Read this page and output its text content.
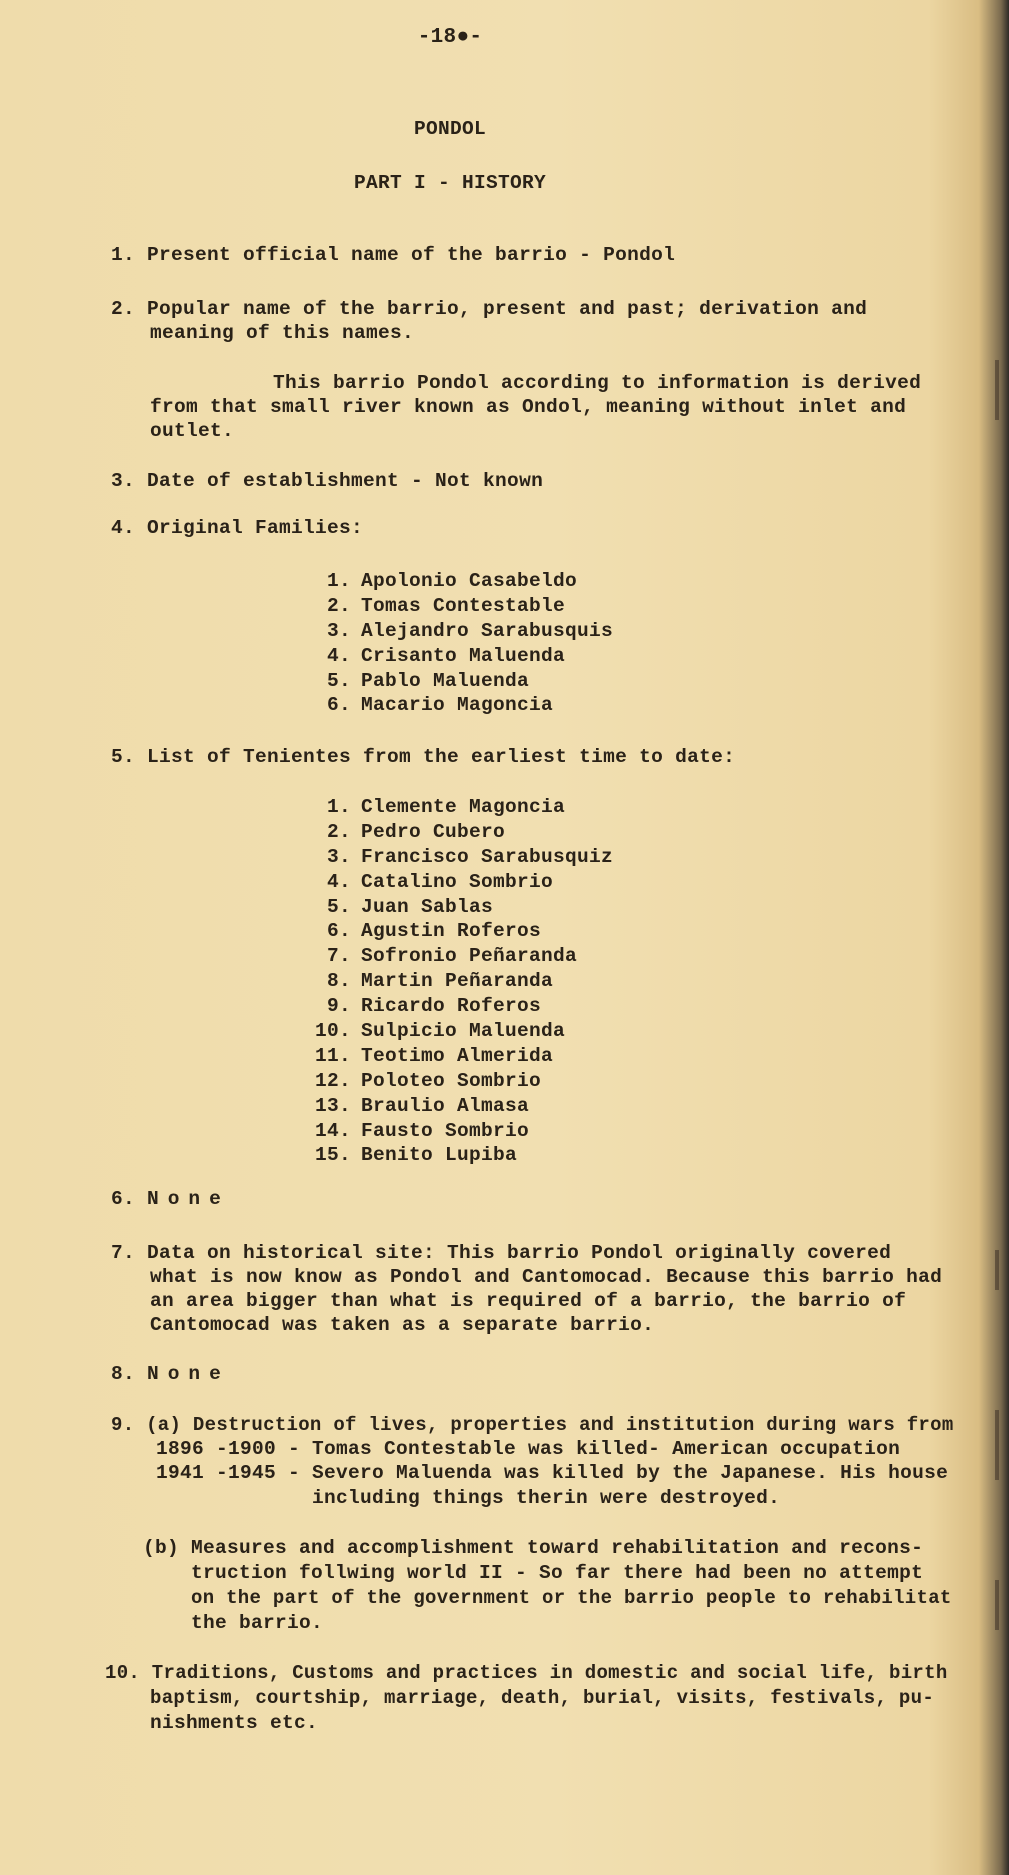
-18●-
PONDOL
PART I - HISTORY
1. Present official name of the barrio - Pondol
2. Popular name of the barrio, present and past; derivation and
meaning of this names.
This barrio Pondol according to information is derived
from that small river known as Ondol, meaning without inlet and
outlet.
3. Date of establishment - Not known
4. Original Families:
1. Apolonio Casabeldo
2. Tomas Contestable
3. Alejandro Sarabusquis
4. Crisanto Maluenda
5. Pablo Maluenda
6. Macario Magoncia
5. List of Tenientes from the earliest time to date:
1. Clemente Magoncia
2. Pedro Cubero
3. Francisco Sarabusquiz
4. Catalino Sombrio
5. Juan Sablas
6. Agustin Roferos
7. Sofronio Peñaranda
8. Martin Peñaranda
9. Ricardo Roferos
10. Sulpicio Maluenda
11. Teotimo Almerida
12. Poloteo Sombrio
13. Braulio Almasa
14. Fausto Sombrio
15. Benito Lupiba
6. None
7. Data on historical site: This barrio Pondol originally covered
what is now know as Pondol and Cantomocad. Because this barrio had
an area bigger than what is required of a barrio, the barrio of
Cantomocad was taken as a separate barrio.
8. None
9. (a) Destruction of lives, properties and institution during wars from
1896 -1900 - Tomas Contestable was killed- American occupation
1941 -1945 - Severo Maluenda was killed by the Japanese. His house
including things therin were destroyed.
(b) Measures and accomplishment toward rehabilitation and recons-
truction follwing world II - So far there had been no attempt
on the part of the government or the barrio people to rehabilitat
the barrio.
10. Traditions, Customs and practices in domestic and social life, birth
baptism, courtship, marriage, death, burial, visits, festivals, pu-
nishments etc.
